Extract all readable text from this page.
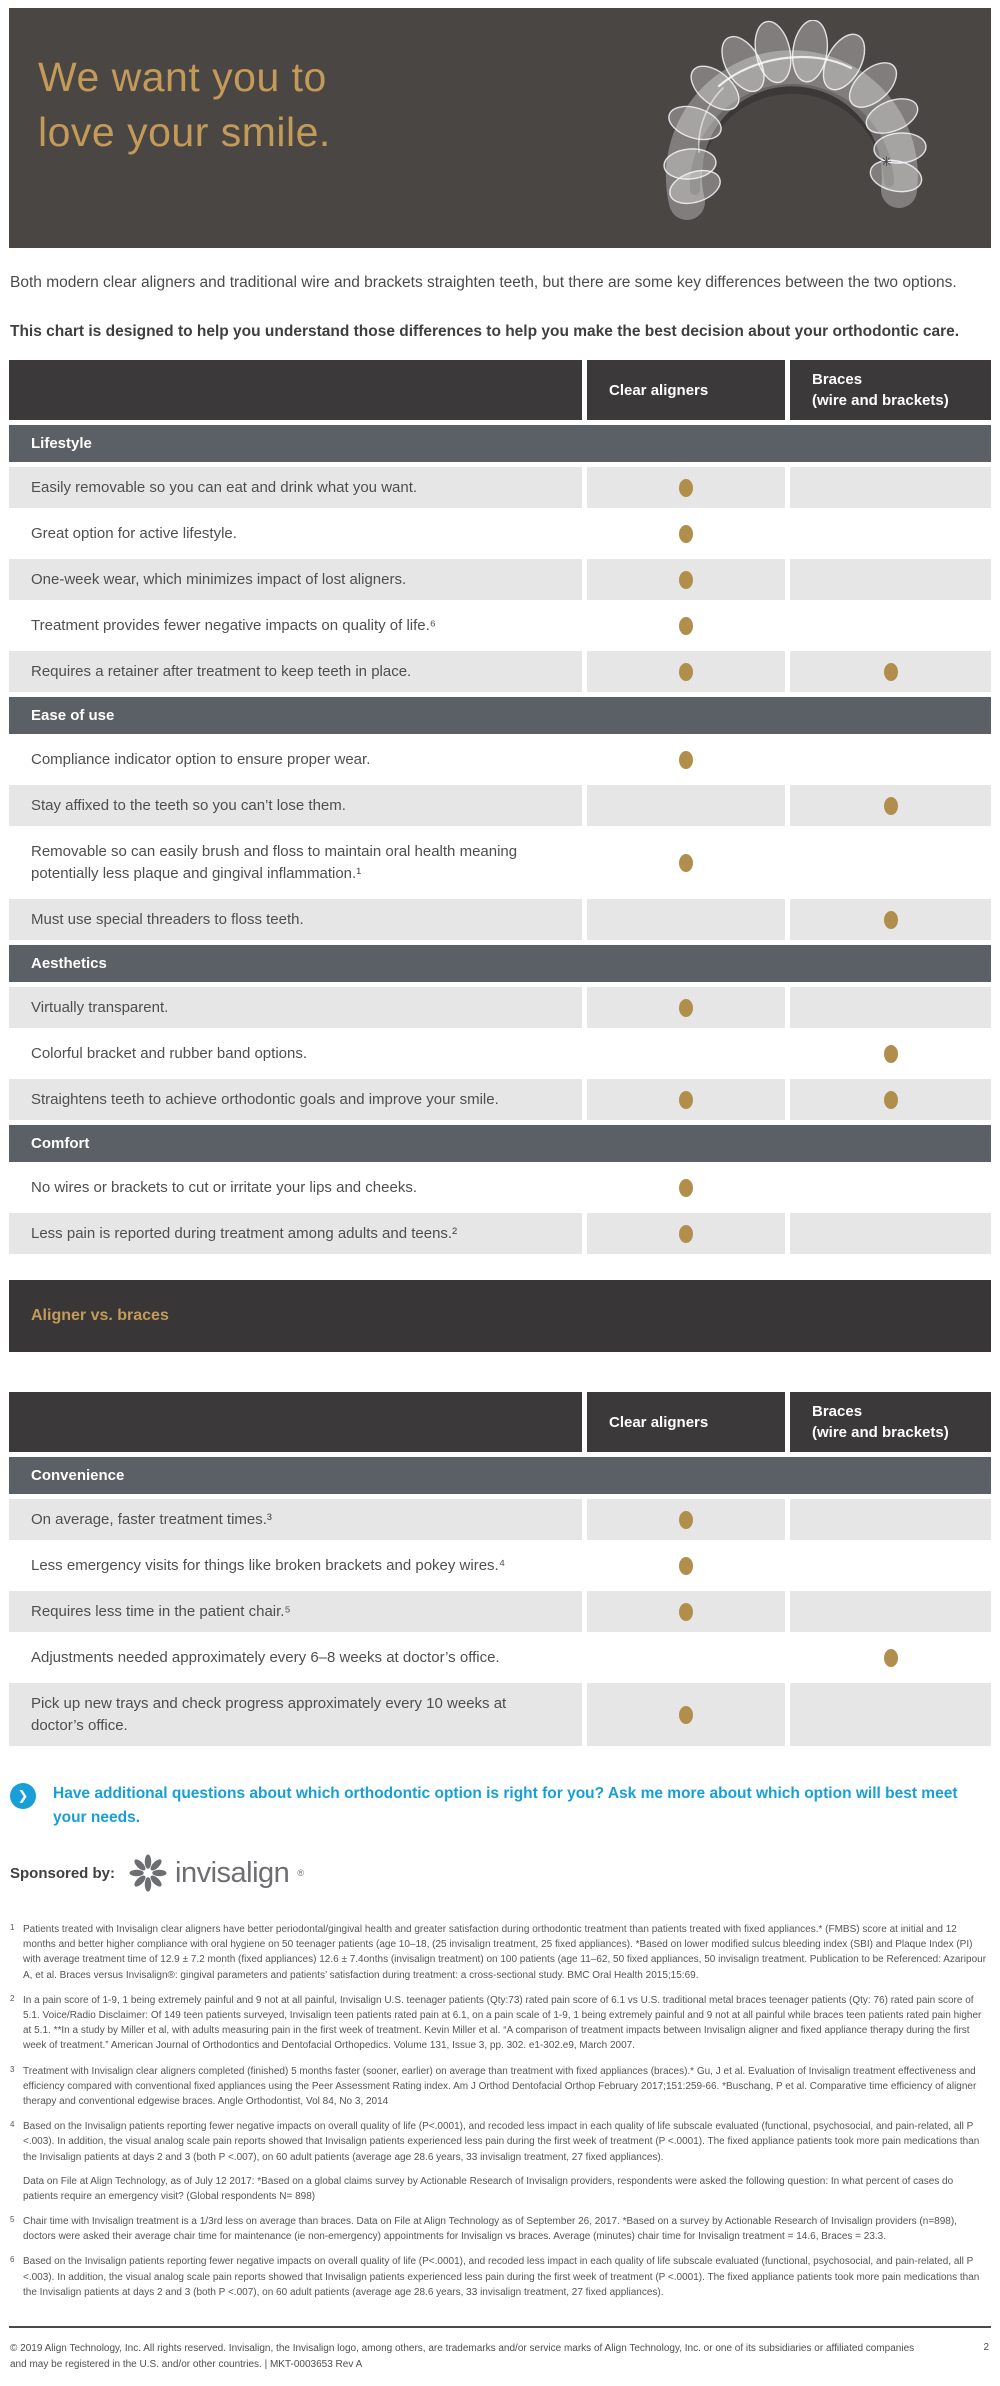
We want you to
love your smile.
✳

Both modern clear aligners and traditional wire and brackets straighten teeth, but there are some key differences between the two options.

This chart is designed to help you understand those differences to help you make the best decision about your orthodontic care.

Clear aligners
Braces
(wire and brackets)
Lifestyle
Easily removable so you can eat and drink what you want.
Great option for active lifestyle.
One-week wear, which minimizes impact of lost aligners.
Treatment provides fewer negative impacts on quality of life.⁶
Requires a retainer after treatment to keep teeth in place.
Ease of use
Compliance indicator option to ensure proper wear.
Stay affixed to the teeth so you can’t lose them.
Removable so can easily brush and floss to maintain oral health meaning potentially less plaque and gingival inflammation.¹
Must use special threaders to floss teeth.
Aesthetics
Virtually transparent.
Colorful bracket and rubber band options.
Straightens teeth to achieve orthodontic goals and improve your smile.
Comfort
No wires or brackets to cut or irritate your lips and cheeks.
Less pain is reported during treatment among adults and teens.²
Aligner vs. braces
Clear aligners
Braces
(wire and brackets)
Convenience
On average, faster treatment times.³
Less emergency visits for things like broken brackets and pokey wires.⁴
Requires less time in the patient chair.⁵
Adjustments needed approximately every 6–8 weeks at doctor’s office.
Pick up new trays and check progress approximately every 10 weeks at doctor’s office.
❯	Have additional questions about which orthodontic option is right for you? Ask me more about which option will best meet your needs.
Sponsored by: invisalign ®
1 Patients treated with Invisalign clear aligners have better periodontal/gingival health and greater satisfaction during orthodontic treatment than patients treated with fixed appliances.* (FMBS) score at initial and 12 months and better higher compliance with oral hygiene on 50 teenager patients (age 10–18, (25 invisalign treatment, 25 fixed appliances). *Based on lower modified sulcus bleeding index (SBI) and Plaque Index (PI) with average treatment time of 12.9 ± 7.2 month (fixed appliances) 12.6 ± 7.4onths (invisalign treatment) on 100 patients (age 11–62, 50 fixed appliances, 50 invisalign treatment. Publication to be Referenced: Azaripour A, et al. Braces versus Invisalign®: gingival parameters and patients’ satisfaction during treatment: a cross-sectional study. BMC Oral Health 2015;15:69.

2 In a pain score of 1-9, 1 being extremely painful and 9 not at all painful, Invisalign U.S. teenager patients (Qty:73) rated pain score of 6.1 vs U.S. traditional metal braces teenager patients (Qty: 76) rated pain score of 5.1. Voice/Radio Disclaimer: Of 149 teen patients surveyed, Invisalign teen patients rated pain at 6.1, on a pain scale of 1-9, 1 being extremely painful and 9 not at all painful while braces teen patients rated pain higher at 5.1. **In a study by Miller et al, with adults measuring pain in the first week of treatment. Kevin Miller et al. “A comparison of treatment impacts between Invisalign aligner and fixed appliance therapy during the first week of treatment.” American Journal of Orthodontics and Dentofacial Orthopedics. Volume 131, Issue 3, pp. 302. e1-302.e9, March 2007.

3 Treatment with Invisalign clear aligners completed (finished) 5 months faster (sooner, earlier) on average than treatment with fixed appliances (braces).* Gu, J et al. Evaluation of Invisalign treatment effectiveness and efficiency compared with conventional fixed appliances using the Peer Assessment Rating index. Am J Orthod Dentofacial Orthop February 2017;151:259-66. *Buschang, P et al. Comparative time efficiency of aligner therapy and conventional edgewise braces. Angle Orthodontist, Vol 84, No 3, 2014

4 Based on the Invisalign patients reporting fewer negative impacts on overall quality of life (P<.0001), and recoded less impact in each quality of life subscale evaluated (functional, psychosocial, and pain-related, all P <.003). In addition, the visual analog scale pain reports showed that Invisalign patients experienced less pain during the first week of treatment (P <.0001). The fixed appliance patients took more pain medications than the Invisalign patients at days 2 and 3 (both P <.007), on 60 adult patients (average age 28.6 years, 33 invisalign treatment, 27 fixed appliances).

Data on File at Align Technology, as of July 12 2017: *Based on a global claims survey by Actionable Research of Invisalign providers, respondents were asked the following question: In what percent of cases do patients require an emergency visit? (Global respondents N= 898)

5 Chair time with Invisalign treatment is a 1/3rd less on average than braces. Data on File at Align Technology as of September 26, 2017. *Based on a survey by Actionable Research of Invisalign providers (n=898), doctors were asked their average chair time for maintenance (ie non-emergency) appointments for Invisalign vs braces. Average (minutes) chair time for Invisalign treatment = 14.6, Braces = 23.3.

6 Based on the Invisalign patients reporting fewer negative impacts on overall quality of life (P<.0001), and recoded less impact in each quality of life subscale evaluated (functional, psychosocial, and pain-related, all P <.003). In addition, the visual analog scale pain reports showed that Invisalign patients experienced less pain during the first week of treatment (P <.0001). The fixed appliance patients took more pain medications than the Invisalign patients at days 2 and 3 (both P <.007), on 60 adult patients (average age 28.6 years, 33 invisalign treatment, 27 fixed appliances).

© 2019 Align Technology, Inc. All rights reserved. Invisalign, the Invisalign logo, among others, are trademarks and/or service marks of Align Technology, Inc. or one of its subsidiaries or affiliated companies and may be registered in the U.S. and/or other countries. | MKT-0003653 Rev A
2
